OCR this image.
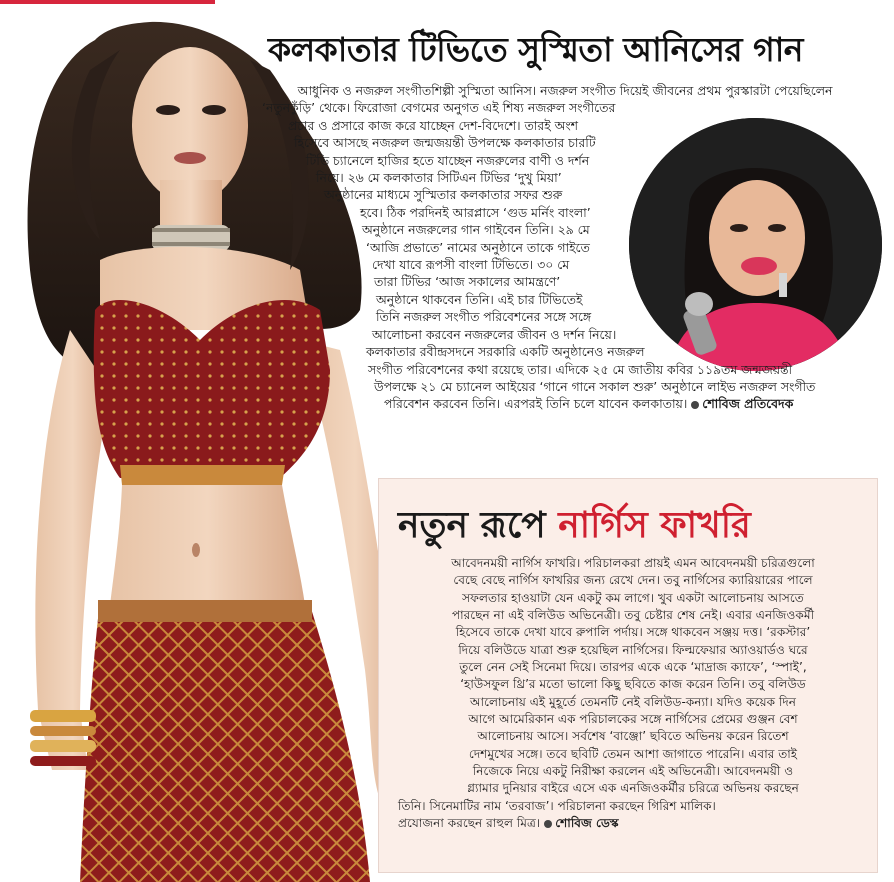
কলকাতার টিভিতে সুস্মিতা আনিসের গান

আধুনিক ও নজরুল সংগীতশিল্পী সুস্মিতা আনিস। নজরুল সংগীত দিয়েই জীবনের প্রথম পুরস্কারটা পেয়েছিলেন

‘নতুনকুঁড়ি’ থেকে। ফিরোজা বেগমের অনুগত এই শিষ্য নজরুল সংগীতের

প্রচার ও প্রসারে কাজ করে যাচ্ছেন দেশ-বিদেশে। তারই অংশ

হিসেবে আসছে নজরুল জন্মজয়ন্তী উপলক্ষে কলকাতার চারটি

টিভি চ্যানেলে হাজির হতে যাচ্ছেন নজরুলের বাণী ও দর্শন

নিয়ে। ২৬ মে কলকাতার সিটিএন টিভির ‘দুখু মিয়া’

অনুষ্ঠানের মাধ্যমে সুস্মিতার কলকাতার সফর শুরু

হবে। ঠিক পরদিনই আরপ্লাসে ‘গুড মর্নিং বাংলা’

অনুষ্ঠানে নজরুলের গান গাইবেন তিনি। ২৯ মে

‘আজি প্রভাতে’ নামের অনুষ্ঠানে তাকে গাইতে

দেখা যাবে রূপসী বাংলা টিভিতে। ৩০ মে

তারা টিভির ‘আজ সকালের আমন্ত্রণে’

অনুষ্ঠানে থাকবেন তিনি। এই চার টিভিতেই

তিনি নজরুল সংগীত পরিবেশনের সঙ্গে সঙ্গে

আলোচনা করবেন নজরুলের জীবন ও দর্শন নিয়ে।

কলকাতার রবীন্দ্রসদনে সরকারি একটি অনুষ্ঠানেও নজরুল

সংগীত পরিবেশনের কথা রয়েছে তার। এদিকে ২৫ মে জাতীয় কবির ১১৯তম জন্মজয়ন্তী

উপলক্ষে ২১ মে চ্যানেল আইয়ের ‘গানে গানে সকাল শুরু’ অনুষ্ঠানে লাইভ নজরুল সংগীত

পরিবেশন করবেন তিনি। এরপরই তিনি চলে যাবেন কলকাতায়। শোবিজ প্রতিবেদক

নতুন রূপে নার্গিস ফাখরি

আবেদনময়ী নার্গিস ফাখরি। পরিচালকরা প্রায়ই এমন আবেদনময়ী চরিত্রগুলো

বেছে বেছে নার্গিস ফাখরির জন্য রেখে দেন। তবু নার্গিসের ক্যারিয়ারের পালে

সফলতার হাওয়াটা যেন একটু কম লাগে। খুব একটা আলোচনায় আসতে

পারছেন না এই বলিউড অভিনেত্রী। তবু চেষ্টার শেষ নেই। এবার এনজিওকর্মী

হিসেবে তাকে দেখা যাবে রুপালি পর্দায়। সঙ্গে থাকবেন সঞ্জয় দত্ত। ‘রকস্টার’

দিয়ে বলিউডে যাত্রা শুরু হয়েছিল নার্গিসের। ফিল্মফেয়ার অ্যাওয়ার্ডও ঘরে

তুলে নেন সেই সিনেমা দিয়ে। তারপর একে একে ‘মাদ্রাজ ক্যাফে’, ‘স্পাই’,

‘হাউসফুল থ্রি’র মতো ভালো কিছু ছবিতে কাজ করেন তিনি। তবু বলিউড

আলোচনায় এই মুহূর্তে তেমনটি নেই বলিউড-কন্যা। যদিও কয়েক দিন

আগে আমেরিকান এক পরিচালকের সঙ্গে নার্গিসের প্রেমের গুঞ্জন বেশ

আলোচনায় আসে। সর্বশেষ ‘বাঞ্জো’ ছবিতে অভিনয় করেন রিতেশ

দেশমুখের সঙ্গে। তবে ছবিটি তেমন আশা জাগাতে পারেনি। এবার তাই

নিজেকে নিয়ে একটু নিরীক্ষা করলেন এই অভিনেত্রী। আবেদনময়ী ও

গ্ল্যামার দুনিয়ার বাইরে এসে এক এনজিওকর্মীর চরিত্রে অভিনয় করছেন

তিনি। সিনেমাটির নাম ‘তরবাজ’। পরিচালনা করছেন গিরিশ মালিক।

প্রযোজনা করছেন রাহুল মিত্র। শোবিজ ডেস্ক
